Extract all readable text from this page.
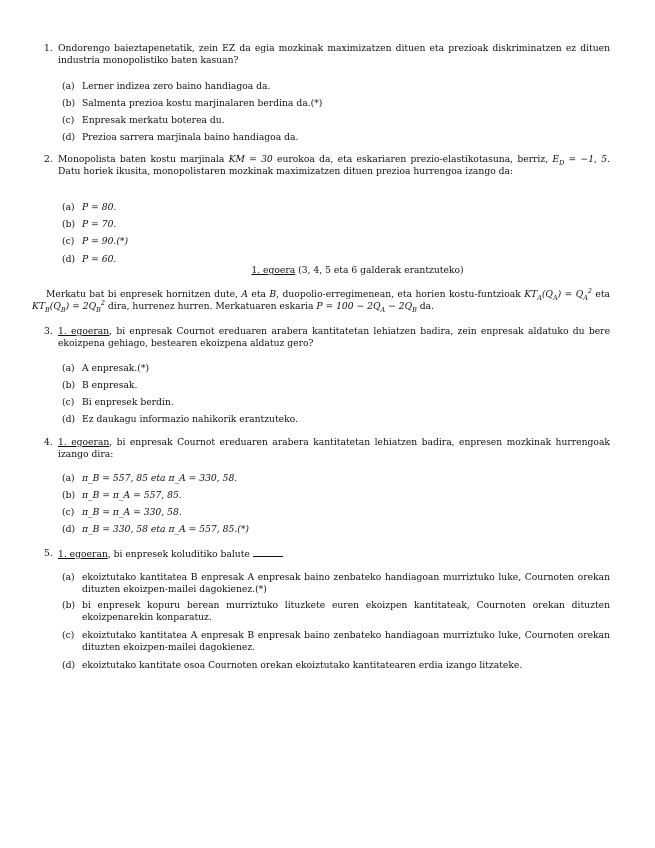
1. Ondorengo baieztapenetatik, zein EZ da egia mozkinak maximizatzen dituen eta prezioak diskriminatzen ez dituen industria monopolistiko baten kasuan?
(a) Lerner indizea zero baino handiagoa da.
(b) Salmenta prezioa kostu marjinalaren berdina da.(*)
(c) Enpresak merkatu boterea du.
(d) Prezioa sarrera marjinala baino handiagoa da.
2. Monopolista baten kostu marjinala KM = 30 eurokoa da, eta eskariaren prezio-elastikotasuna, berriz, $E_D = -1$, 5. Datu horiek ikusita, monopolistaren mozkinak maximizatzen dituen prezioa hurrengoa izango da:
(a) P = 80.
(b) P = 70.
(c) P = 90.(*)
(d) P = 60.
1. egoera (3, 4, 5 eta 6 galderak erantzuteko)
Merkatu bat bi enpresek hornitzen dute, A eta B, duopolio-erregimenean, eta horien kostu-funtzioak $KT_A(Q_A) = Q_A^2$ eta $KT_B(Q_B) = 2Q_B^2$ dira, hurrenez hurren. Merkatuaren eskaria $P = 100 - 2Q_A - 2Q_B$ da.
3. 1. egoeran, bi enpresak Cournot ereduaren arabera kantitatetan lehiatzen badira, zein enpresak aldatuko du bere ekoizpena gehiago, bestearen ekoizpena aldatuz gero?
(a) A enpresak.(*)
(b) B enpresak.
(c) Bi enpresek berdin.
(d) Ez daukagu informazio nahikorik erantzuteko.
4. 1. egoeran, bi enpresak Cournot ereduaren arabera kantitatetan lehiatzen badira, enpresen mozkinak hurrengoak izango dira:
(a) π_B = 557, 85 eta π_A = 330, 58.
(b) π_B = π_A = 557, 85.
(c) π_B = π_A = 330, 58.
(d) π_B = 330, 58 eta π_A = 557, 85.(*)
5. 1. egoeran, bi enpresek koluditiko balute
(a) ekoiztutako kantitatea B enpresak A enpresak baino zenbateko handiagoan murriztuko luke, Cournoten orekan dituzten ekoizpen-mailei dagokienez.(*)
(b) bi enpresek kopuru berean murriztuko lituzkete euren ekoizpen kantitateak, Cournoten orekan dituzten ekoizpenarekin konparatuz.
(c) ekoiztutako kantitatea A enpresak B enpresak baino zenbateko handiagoan murriztuko luke, Cournoten orekan dituzten ekoizpen-mailei dagokienez.
(d) ekoiztutako kantitate osoa Cournoten orekan ekoiztutako kantitatearen erdia izango litzateke.
